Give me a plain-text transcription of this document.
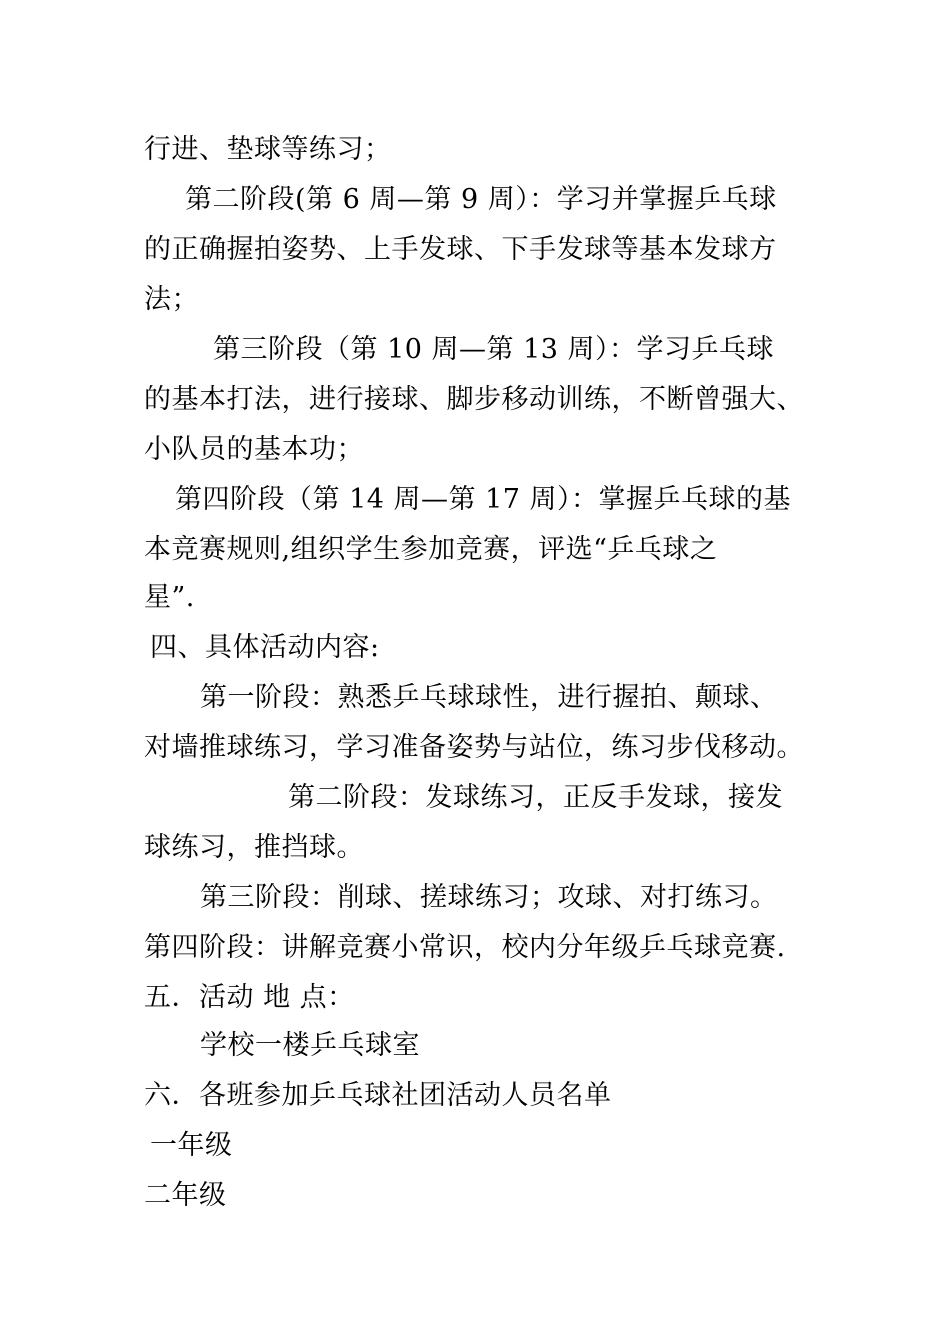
行进、垫球等练习；
第二阶段(第 6 周—第 9 周）：学习并掌握乒乓球
的正确握拍姿势、上手发球、下手发球等基本发球方
法；
第三阶段（第 10 周—第 13 周）：学习乒乓球
的基本打法，进行接球、脚步移动训练，不断曾强大、
小队员的基本功；
第四阶段（第 14 周—第 17 周）：掌握乒乓球的基
本竞赛规则,组织学生参加竞赛，评选“乒乓球之
星”.
四、具体活动内容:
第一阶段：熟悉乒乓球球性，进行握拍、颠球、
对墙推球练习，学习准备姿势与站位，练习步伐移动。
第二阶段：发球练习，正反手发球，接发
球练习，推挡球。
第三阶段：削球、搓球练习；攻球、对打练习。
第四阶段：讲解竞赛小常识，校内分年级乒乓球竞赛.
五．活动 地 点：
学校一楼乒乓球室
六．各班参加乒乓球社团活动人员名单
一年级
二年级
